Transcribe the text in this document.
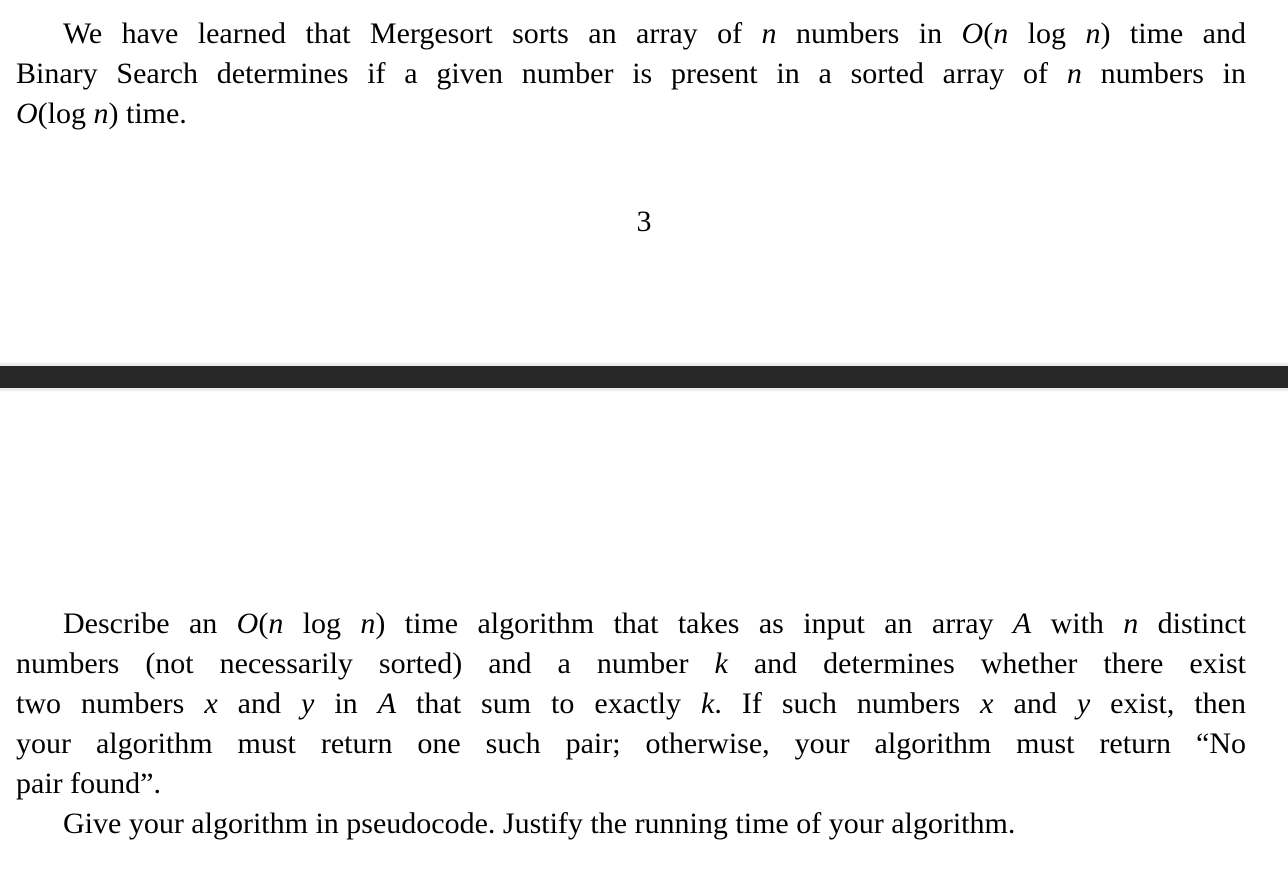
We have learned that Mergesort sorts an array of n numbers in O(n log n) time and
Binary Search determines if a given number is present in a sorted array of n numbers in
O(log n) time.

3

Describe an O(n log n) time algorithm that takes as input an array A with n distinct
numbers (not necessarily sorted) and a number k and determines whether there exist
two numbers x and y in A that sum to exactly k. If such numbers x and y exist, then
your algorithm must return one such pair; otherwise, your algorithm must return “No
pair found”.

Give your algorithm in pseudocode. Justify the running time of your algorithm.
